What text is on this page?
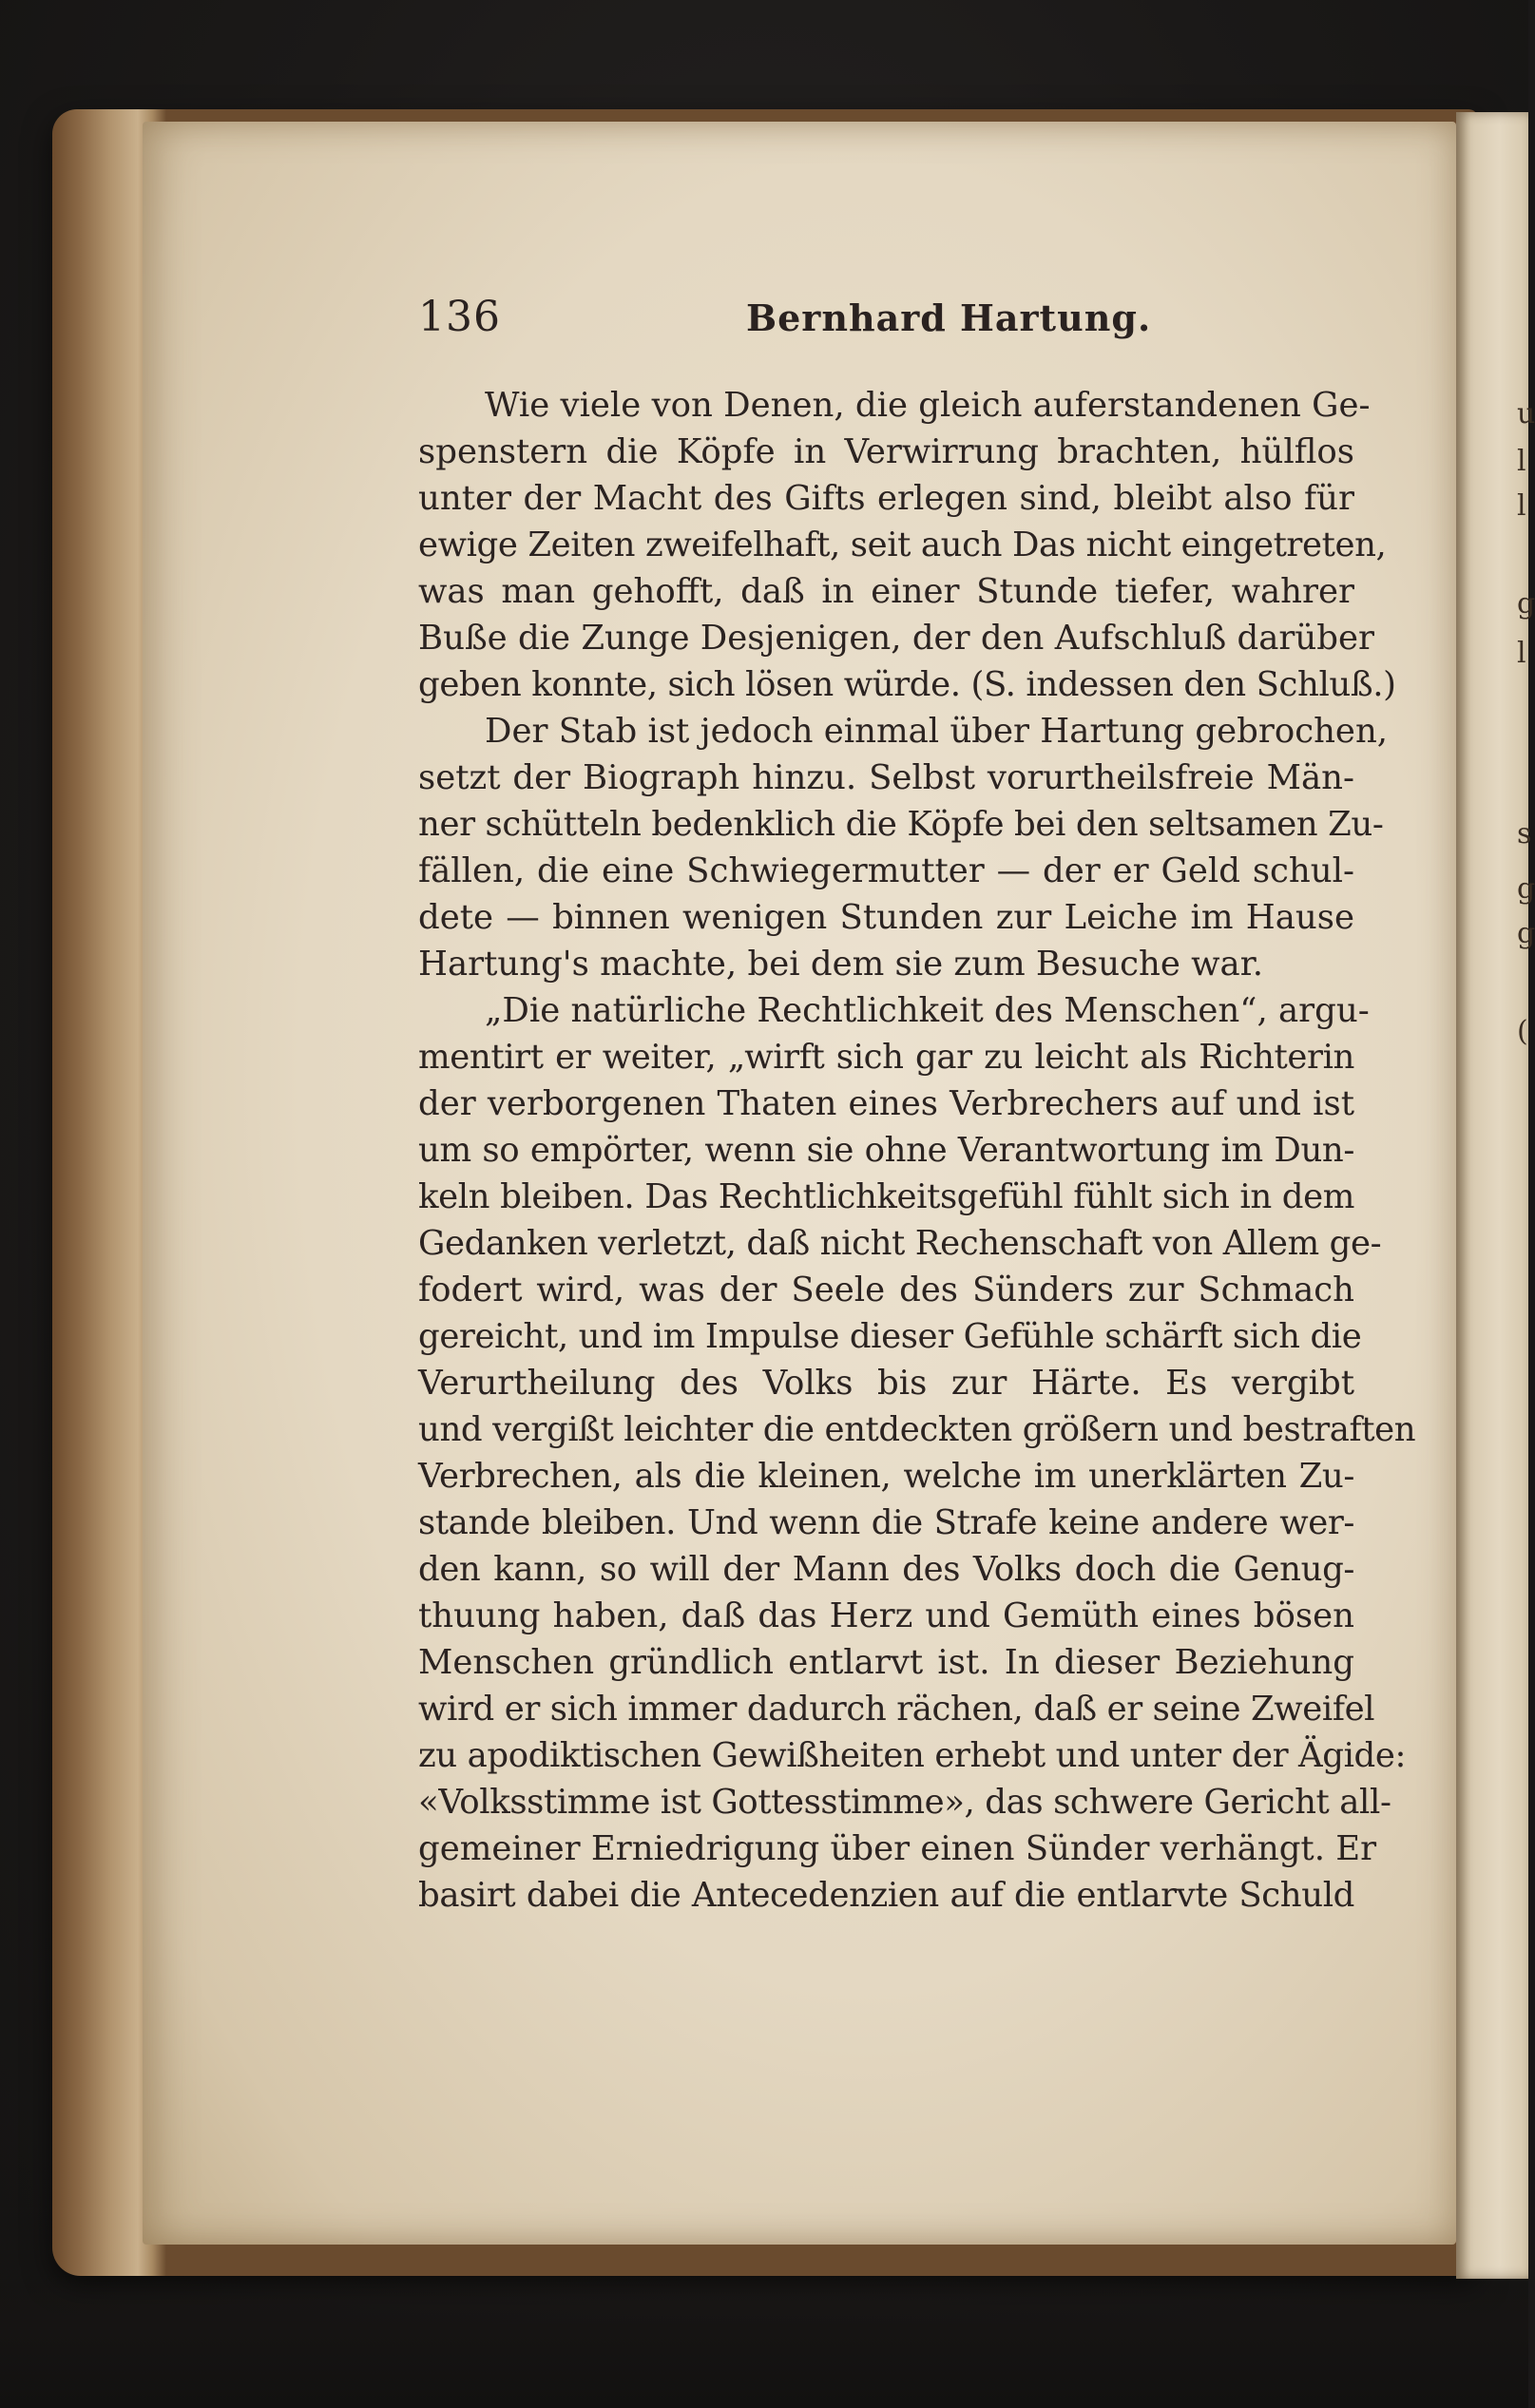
u
l
l
g
l
s
g
g
(
136	Bernhard Hartung.
Wie viele von Denen, die gleich auferstandenen Ge-
spenstern die Köpfe in Verwirrung brachten, hülflos
unter der Macht des Gifts erlegen sind, bleibt also für
ewige Zeiten zweifelhaft, seit auch Das nicht eingetreten,
was man gehofft, daß in einer Stunde tiefer, wahrer
Buße die Zunge Desjenigen, der den Aufschluß darüber
geben konnte, sich lösen würde. (S. indessen den Schluß.)
Der Stab ist jedoch einmal über Hartung gebrochen,
setzt der Biograph hinzu. Selbst vorurtheilsfreie Män-
ner schütteln bedenklich die Köpfe bei den seltsamen Zu-
fällen, die eine Schwiegermutter — der er Geld schul-
dete — binnen wenigen Stunden zur Leiche im Hause
Hartung's machte, bei dem sie zum Besuche war.
„Die natürliche Rechtlichkeit des Menschen“, argu-
mentirt er weiter, „wirft sich gar zu leicht als Richterin
der verborgenen Thaten eines Verbrechers auf und ist
um so empörter, wenn sie ohne Verantwortung im Dun-
keln bleiben. Das Rechtlichkeitsgefühl fühlt sich in dem
Gedanken verletzt, daß nicht Rechenschaft von Allem ge-
fodert wird, was der Seele des Sünders zur Schmach
gereicht, und im Impulse dieser Gefühle schärft sich die
Verurtheilung des Volks bis zur Härte. Es vergibt
und vergißt leichter die entdeckten größern und bestraften
Verbrechen, als die kleinen, welche im unerklärten Zu-
stande bleiben. Und wenn die Strafe keine andere wer-
den kann, so will der Mann des Volks doch die Genug-
thuung haben, daß das Herz und Gemüth eines bösen
Menschen gründlich entlarvt ist. In dieser Beziehung
wird er sich immer dadurch rächen, daß er seine Zweifel
zu apodiktischen Gewißheiten erhebt und unter der Ägide:
«Volksstimme ist Gottesstimme», das schwere Gericht all-
gemeiner Erniedrigung über einen Sünder verhängt. Er
basirt dabei die Antecedenzien auf die entlarvte Schuld
